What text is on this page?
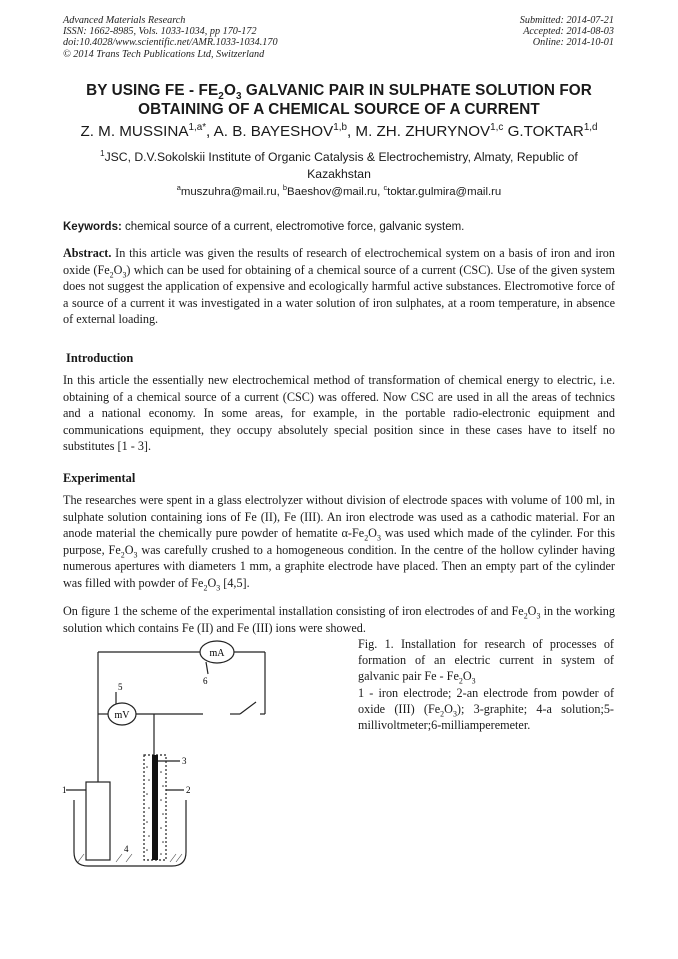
Advanced Materials Research
ISSN: 1662-8985, Vols. 1033-1034, pp 170-172
doi:10.4028/www.scientific.net/AMR.1033-1034.170
© 2014 Trans Tech Publications Ltd, Switzerland
Submitted: 2014-07-21
Accepted: 2014-08-03
Online: 2014-10-01
BY USING FE - $FE_2O_3$ GALVANIC PAIR IN SULPHATE SOLUTION FOR
OBTAINING OF A CHEMICAL SOURCE OF A CURRENT
Z. M. $MUSSINA^{1,a*}$, A. B. BAYESHOV$^{1,b}$, M. ZH. ZHURYNOV$^{1,c}$ G.TOKTAR$^{1,d}$
$^1$JSC, D.V.Sokolskii Institute of Organic Catalysis & Electrochemistry, Almaty, Republic of Kazakhstan
$^a$muszuhra@mail.ru, $^b$Baeshov@mail.ru, $^c$toktar.gulmira@mail.ru
Keywords: chemical source of a current, electromotive force, galvanic system.

Abstract. In this article was given the results of research of electrochemical system on a basis of iron and iron oxide $(Fe_2O_3)$ which can be used for obtaining of a chemical source of a current (CSC). Use of the given system does not suggest the application of expensive and ecologically harmful active substances. Electromotive force of a source of a current it was investigated in a water solution of iron sulphates, at a room temperature, in absence of external loading.

Introduction

In this article the essentially new electrochemical method of transformation of chemical energy to electric, i.e. obtaining of a chemical source of a current (CSC) was offered. Now CSC are used in all the areas of technics and a national economy. In some areas, for example, in the portable radio-electronic equipment and communications equipment, they occupy absolutely special position since in these cases have to itself no substitutes [1 - 3].

Experimental

The researches were spent in a glass electrolyzer without division of electrode spaces with volume of 100 ml, in sulphate solution containing ions of Fe (II), Fe (III). An iron electrode was used as a cathodic material. For an anode material the chemically pure powder of hematite $\alpha-Fe_2O_3$ was used which made of the cylinder. For this purpose, $Fe_2O_3$ was carefully crushed to a homogeneous condition. In the centre of the hollow cylinder having numerous apertures with diameters 1 mm, a graphite electrode have placed. Then an empty part of the cylinder was filled with powder of $Fe_2O_3$ [4,5].

On figure 1 the scheme of the experimental installation consisting of iron electrodes of and $Fe_2O_3$ in the working solution which contains Fe (II) and Fe (III) ions were showed.

mA
mV
1	2
3
4
5
6

Fig. 1. Installation for research of processes of formation of an electric current in system of galvanic pair Fe - $Fe_2O_3$

1 - iron electrode; 2-an electrode from powder of oxide (III) $(Fe_2O_3)$; 3-graphite; 4-a solution;5-millivoltmeter;6-milliamperemeter.
